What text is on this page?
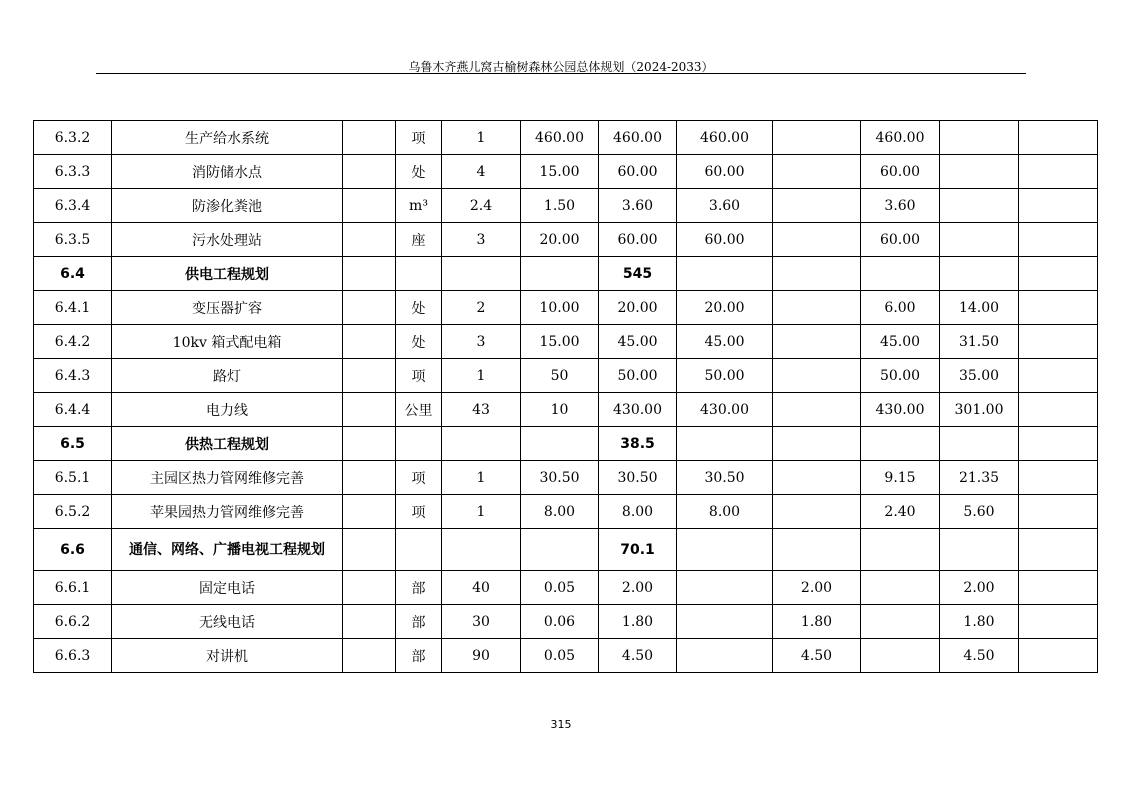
乌鲁木齐燕儿窝古榆树森林公园总体规划（2024-2033）
6.3.2	生产给水系统		项	1	460.00	460.00	460.00		460.00		
6.3.3	消防储水点		处	4	15.00	60.00	60.00		60.00		
6.3.4	防渗化粪池		m³	2.4	1.50	3.60	3.60		3.60		
6.3.5	污水处理站		座	3	20.00	60.00	60.00		60.00		
6.4	供电工程规划					545					
6.4.1	变压器扩容		处	2	10.00	20.00	20.00		6.00	14.00	
6.4.2	10kv 箱式配电箱		处	3	15.00	45.00	45.00		45.00	31.50	
6.4.3	路灯		项	1	50	50.00	50.00		50.00	35.00	
6.4.4	电力线		公里	43	10	430.00	430.00		430.00	301.00	
6.5	供热工程规划					38.5					
6.5.1	主园区热力管网维修完善		项	1	30.50	30.50	30.50		9.15	21.35	
6.5.2	苹果园热力管网维修完善		项	1	8.00	8.00	8.00		2.40	5.60	
6.6	通信、网络、广播电视工程规划					70.1					
6.6.1	固定电话		部	40	0.05	2.00		2.00		2.00	
6.6.2	无线电话		部	30	0.06	1.80		1.80		1.80	
6.6.3	对讲机		部	90	0.05	4.50		4.50		4.50	
315
